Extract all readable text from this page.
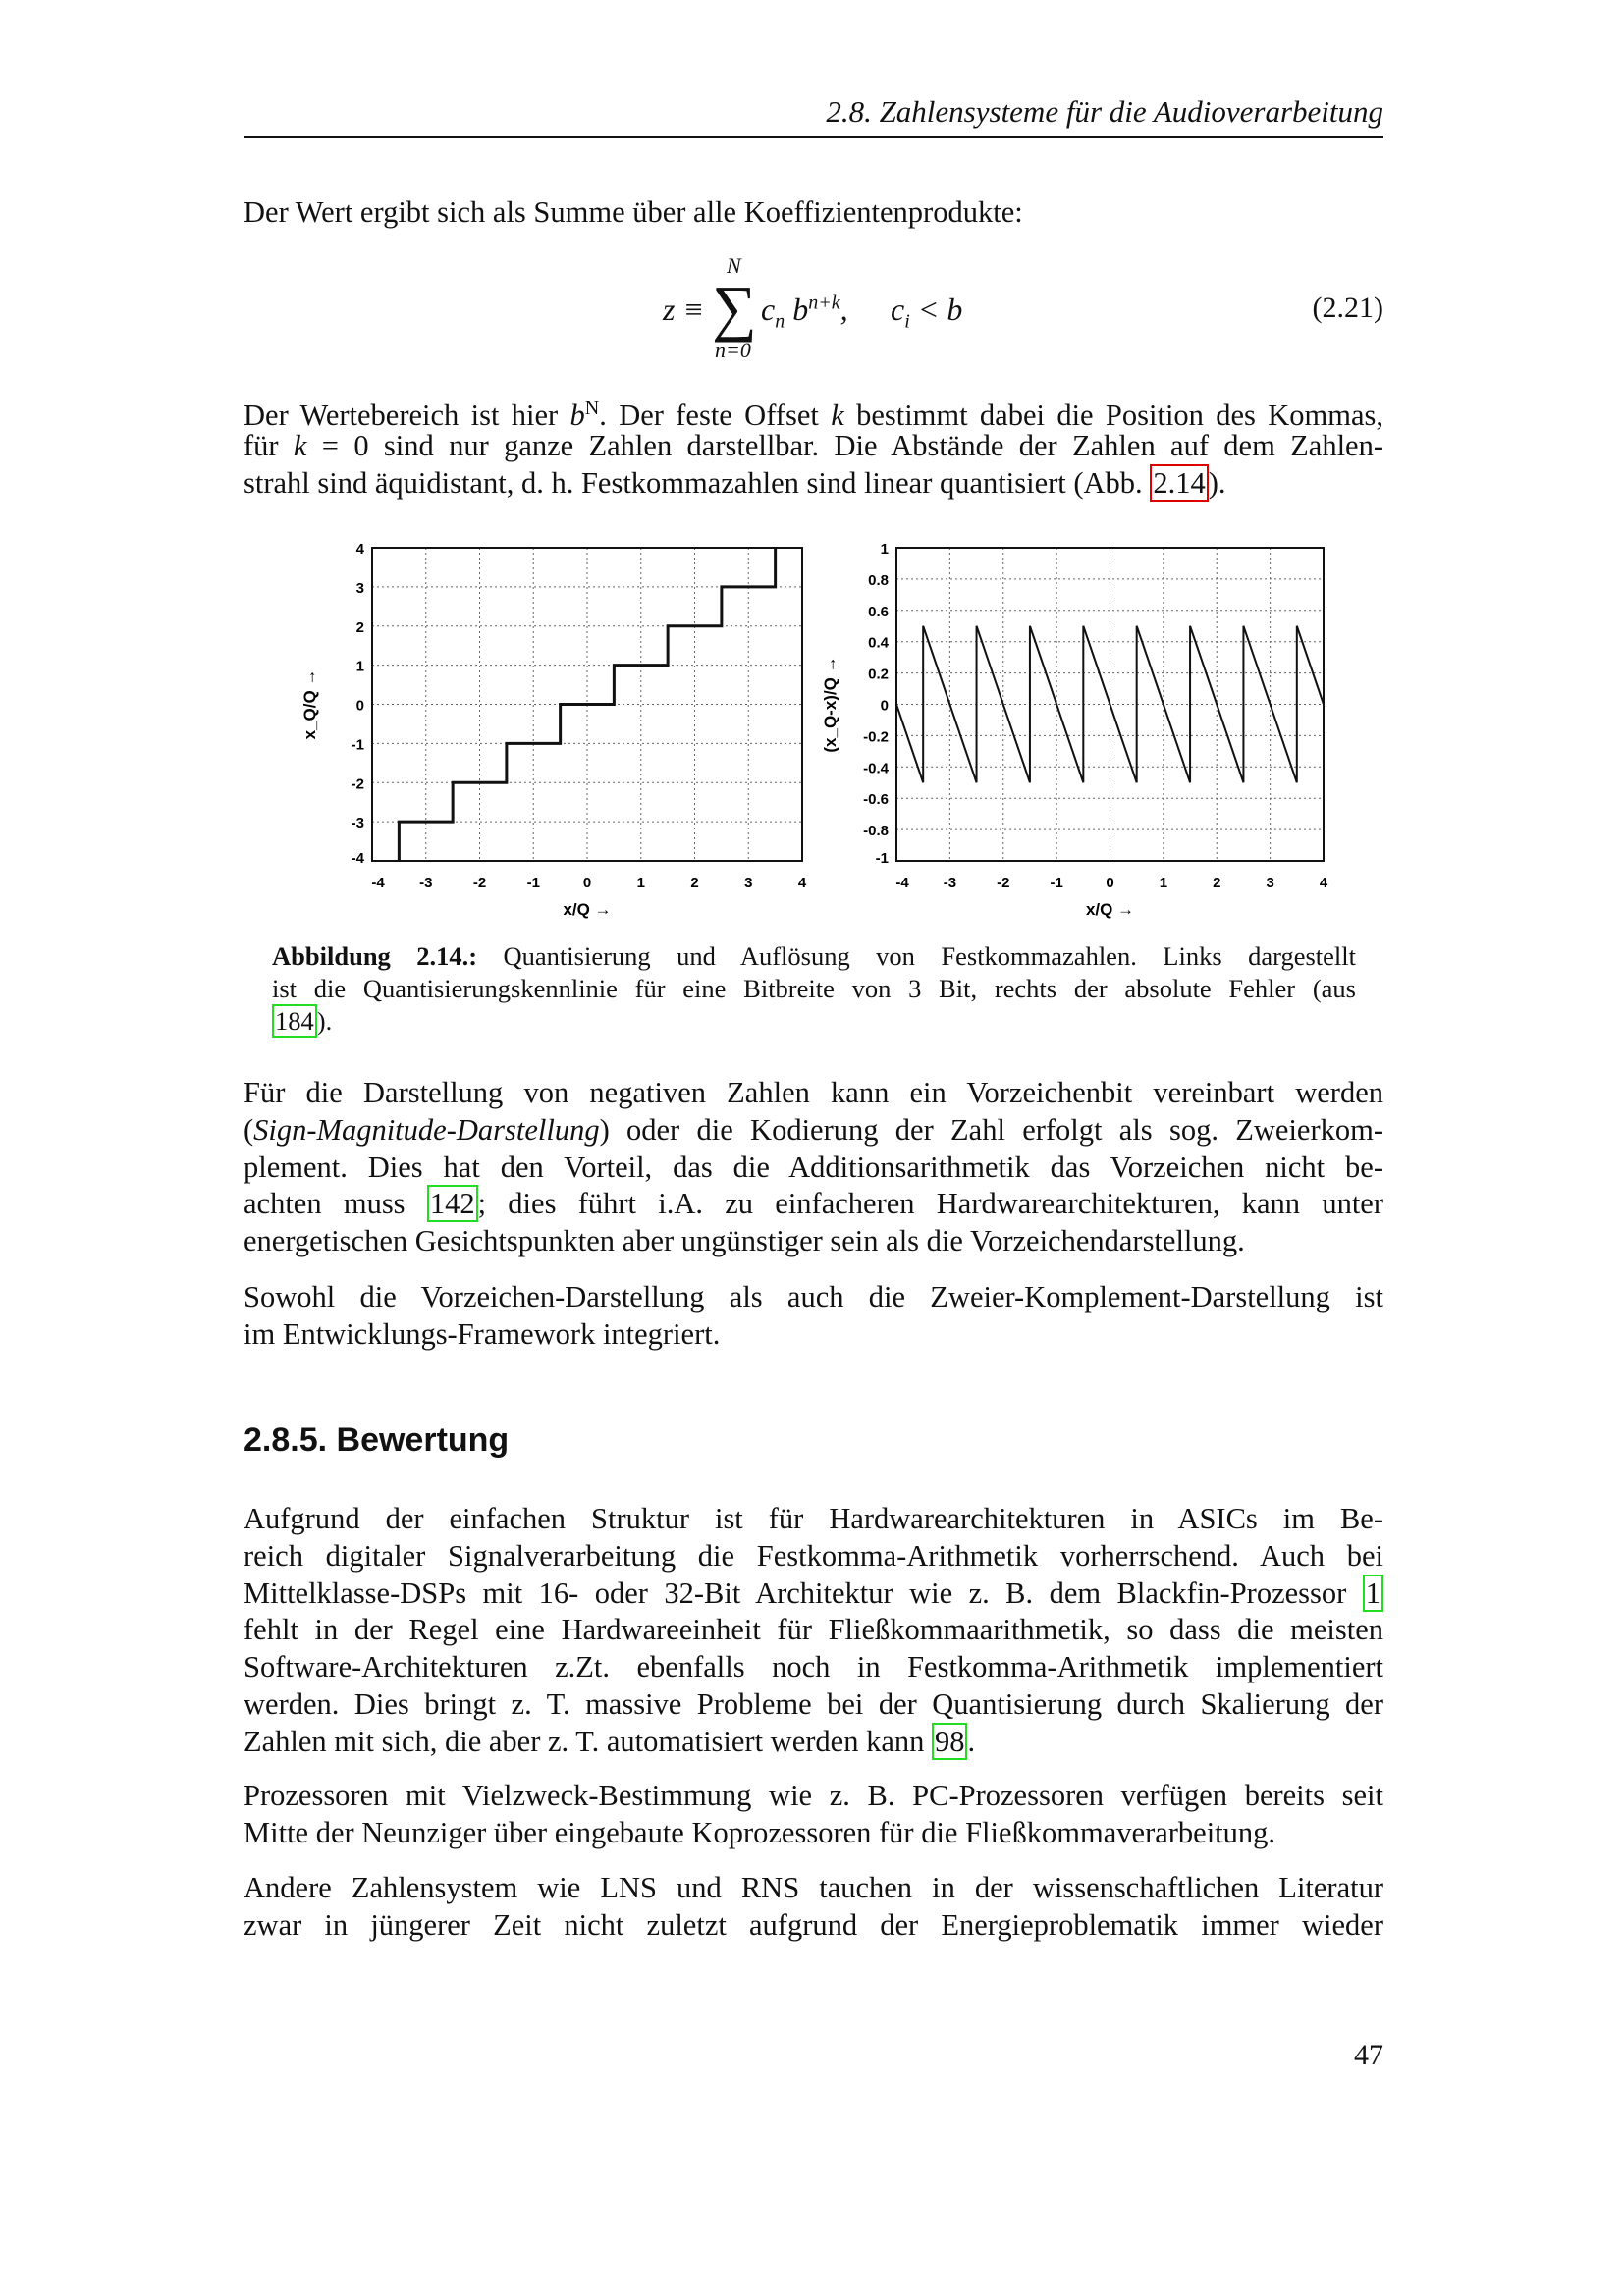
2.8. Zahlensysteme für die Audioverarbeitung
Der Wert ergibt sich als Summe über alle Koeffizientenprodukte:
z ≡ ∑
N
n=0
$c_n$ $b^{n+k}$, $c_i < b$	(2.21)
Der Wertebereich ist hier $b^N$. Der feste Offset k bestimmt dabei die Position des Kommas,
für k = 0 sind nur ganze Zahlen darstellbar. Die Abstände der Zahlen auf dem Zahlen-
strahl sind äquidistant, d. h. Festkommazahlen sind linear quantisiert (Abb. 2.14).
-4 -3	-2	-1	0	1	2	3	4
-4
-3
-2
-1
0
1
2
3
4
x/Q →
x_Q/Q →
-4 -3	-2	-1	0	1	2	3	4
-1
-0.8
-0.6
-0.4
-0.2
0
0.2
0.4
0.6
0.8
1
x/Q →
(x_Q-x)/Q →
Abbildung 2.14.: Quantisierung und Auflösung von Festkommazahlen. Links dargestellt
ist die Quantisierungskennlinie für eine Bitbreite von 3 Bit, rechts der absolute Fehler (aus
184 ).
Für die Darstellung von negativen Zahlen kann ein Vorzeichenbit vereinbart werden
(Sign-Magnitude-Darstellung) oder die Kodierung der Zahl erfolgt als sog. Zweierkom-
plement. Dies hat den Vorteil, das die Additionsarithmetik das Vorzeichen nicht be-
achten muss 142; dies führt i.A. zu einfacheren Hardwarearchitekturen, kann unter
energetischen Gesichtspunkten aber ungünstiger sein als die Vorzeichendarstellung.
Sowohl die Vorzeichen-Darstellung als auch die Zweier-Komplement-Darstellung ist
im Entwicklungs-Framework integriert.
2.8.5. Bewertung
Aufgrund der einfachen Struktur ist für Hardwarearchitekturen in ASICs im Be-
reich digitaler Signalverarbeitung die Festkomma-Arithmetik vorherrschend. Auch bei
Mittelklasse-DSPs mit 16- oder 32-Bit Architektur wie z. B. dem Blackfin-Prozessor 1
fehlt in der Regel eine Hardwareeinheit für Fließkommaarithmetik, so dass die meisten
Software-Architekturen z.Zt. ebenfalls noch in Festkomma-Arithmetik implementiert
werden. Dies bringt z. T. massive Probleme bei der Quantisierung durch Skalierung der
Zahlen mit sich, die aber z. T. automatisiert werden kann 98.
Prozessoren mit Vielzweck-Bestimmung wie z. B. PC-Prozessoren verfügen bereits seit
Mitte der Neunziger über eingebaute Koprozessoren für die Fließkommaverarbeitung.
Andere Zahlensystem wie LNS und RNS tauchen in der wissenschaftlichen Literatur
zwar in jüngerer Zeit nicht zuletzt aufgrund der Energieproblematik immer wieder
47
